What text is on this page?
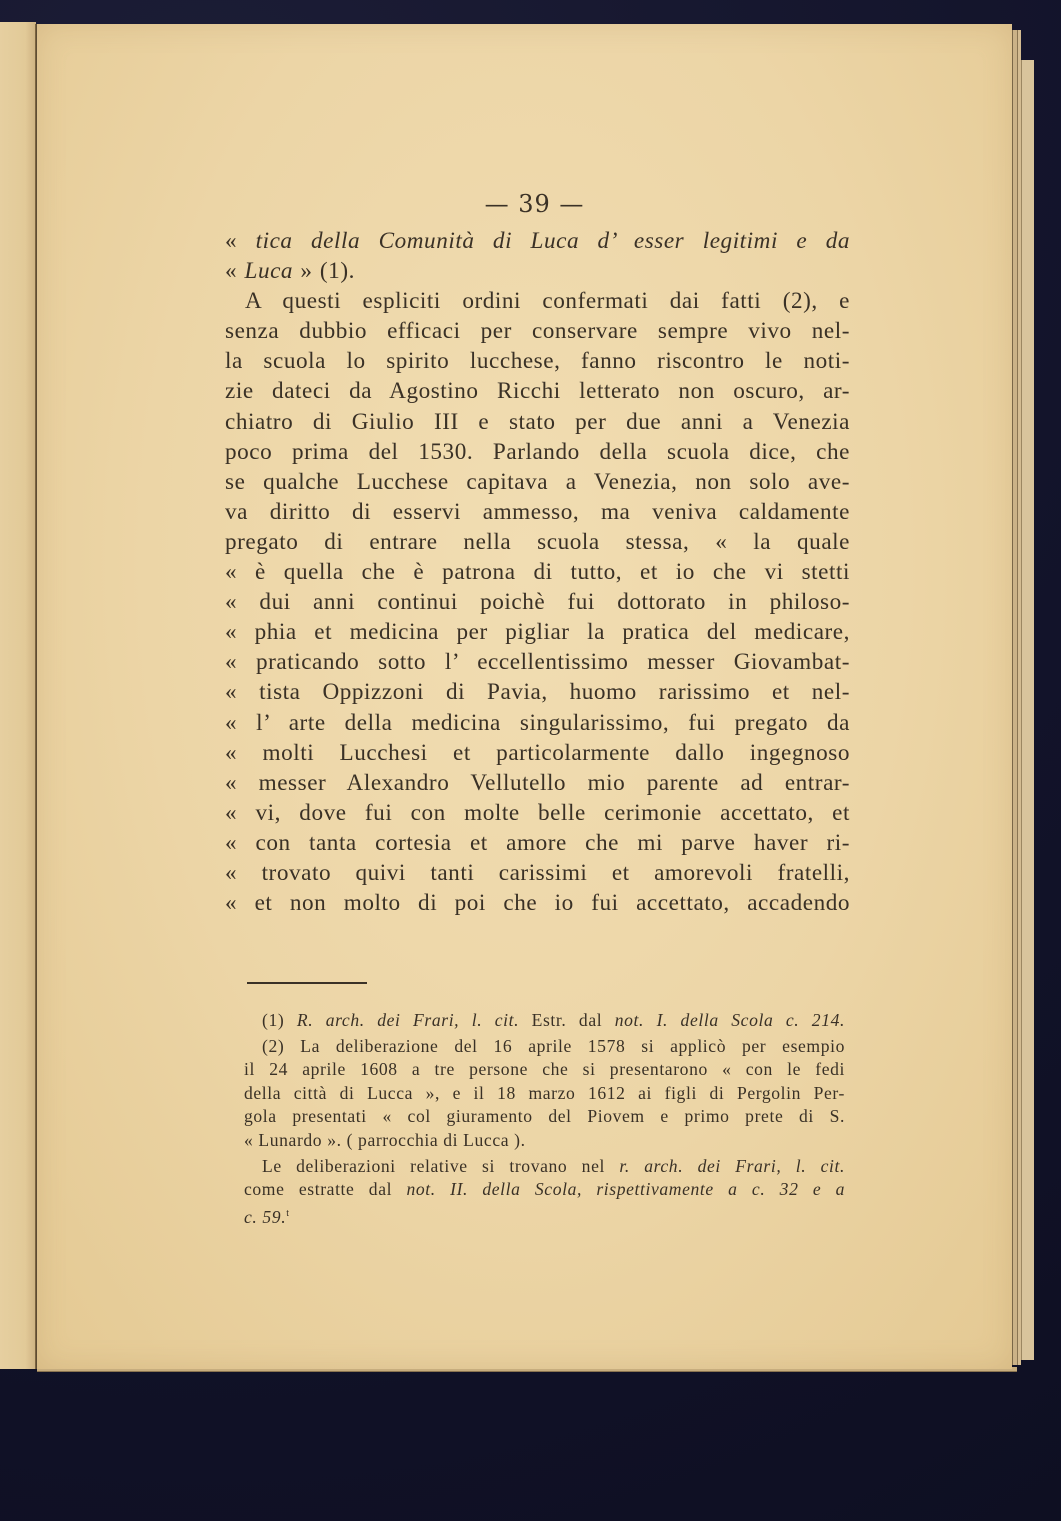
— 39 —
« tica della Comunità di Luca d’ esser legitimi e da
« Luca » (1).
A questi espliciti ordini confermati dai fatti (2), e
senza dubbio efficaci per conservare sempre vivo nel-
la scuola lo spirito lucchese, fanno riscontro le noti-
zie dateci da Agostino Ricchi letterato non oscuro, ar-
chiatro di Giulio III e stato per due anni a Venezia
poco prima del 1530. Parlando della scuola dice, che
se qualche Lucchese capitava a Venezia, non solo ave-
va diritto di esservi ammesso, ma veniva caldamente
pregato di entrare nella scuola stessa, « la quale
« è quella che è patrona di tutto, et io che vi stetti
« dui anni continui poichè fui dottorato in philoso-
« phia et medicina per pigliar la pratica del medicare,
« praticando sotto l’ eccellentissimo messer Giovambat-
« tista Oppizzoni di Pavia, huomo rarissimo et nel-
« l’ arte della medicina singularissimo, fui pregato da
« molti Lucchesi et particolarmente dallo ingegnoso
« messer Alexandro Vellutello mio parente ad entrar-
« vi, dove fui con molte belle cerimonie accettato, et
« con tanta cortesia et amore che mi parve haver ri-
« trovato quivi tanti carissimi et amorevoli fratelli,
« et non molto di poi che io fui accettato, accadendo
(1) R. arch. dei Frari, l. cit. Estr. dal not. I. della Scola c. 214.
(2) La deliberazione del 16 aprile 1578 si applicò per esempio
il 24 aprile 1608 a tre persone che si presentarono « con le fedi
della città di Lucca », e il 18 marzo 1612 ai figli di Pergolin Per-
gola presentati « col giuramento del Piovem e primo prete di S.
« Lunardo ». ( parrocchia di Lucca ).
Le deliberazioni relative si trovano nel r. arch. dei Frari, l. cit.
come estratte dal not. II. della Scola, rispettivamente a c. 32 e a
c. 59.$^t$
